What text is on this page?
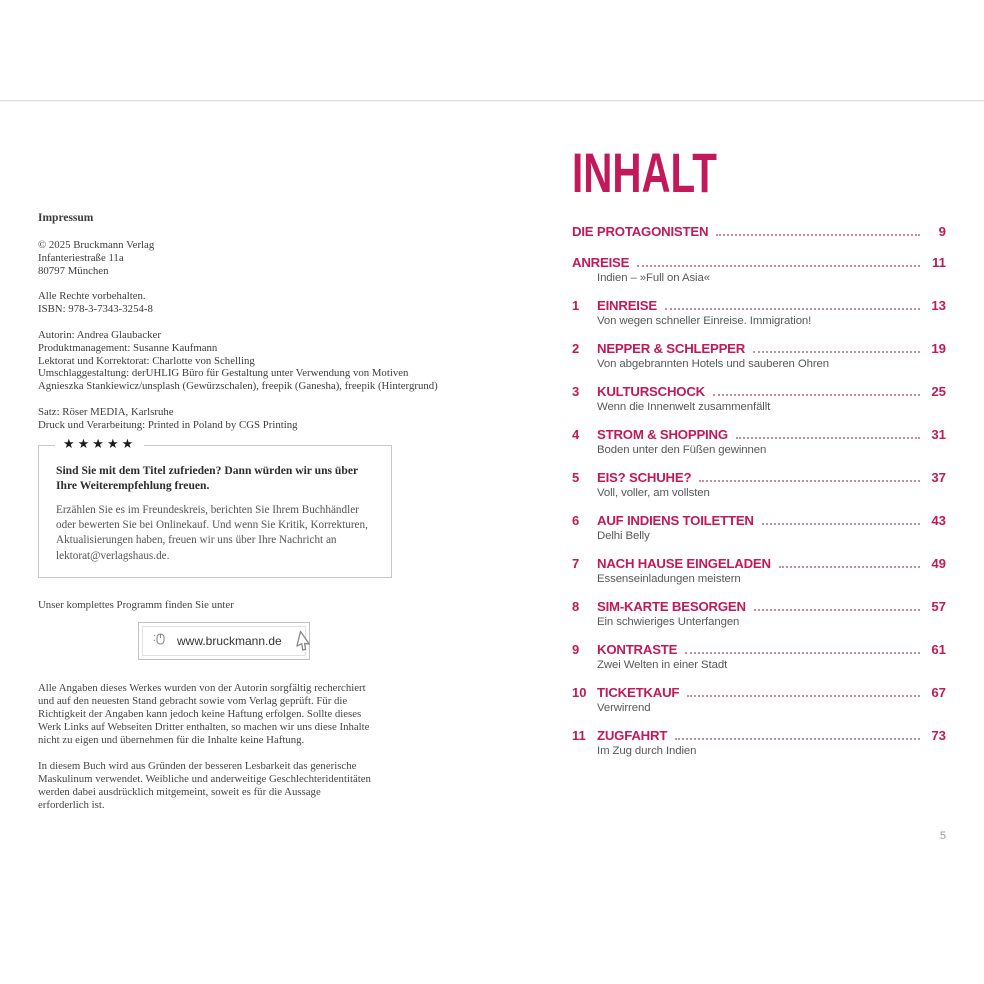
Impressum
© 2025 Bruckmann Verlag
Infanteriestraße 11a
80797 München
Alle Rechte vorbehalten.
ISBN: 978-3-7343-3254-8
Autorin: Andrea Glaubacker
Produktmanagement: Susanne Kaufmann
Lektorat und Korrektorat: Charlotte von Schelling
Umschlaggestaltung: derUHLIG Büro für Gestaltung unter Verwendung von Motiven Agnieszka Stankiewicz/unsplash (Gewürzschalen), freepik (Ganesha), freepik (Hintergrund)
Satz: Röser MEDIA, Karlsruhe
Druck und Verarbeitung: Printed in Poland by CGS Printing
★★★★★
Sind Sie mit dem Titel zufrieden? Dann würden wir uns über Ihre Weiterempfehlung freuen.
Erzählen Sie es im Freundeskreis, berichten Sie Ihrem Buchhändler oder bewerten Sie bei Onlinekauf. Und wenn Sie Kritik, Korrekturen, Aktualisierungen haben, freuen wir uns über Ihre Nachricht an lektorat@verlagshaus.de.
Unser komplettes Programm finden Sie unter
www.bruckmann.de
Alle Angaben dieses Werkes wurden von der Autorin sorgfältig recherchiert und auf den neuesten Stand gebracht sowie vom Verlag geprüft. Für die Richtigkeit der Angaben kann jedoch keine Haftung erfolgen. Sollte dieses Werk Links auf Webseiten Dritter enthalten, so machen wir uns diese Inhalte nicht zu eigen und übernehmen für die Inhalte keine Haftung.
In diesem Buch wird aus Gründen der besseren Lesbarkeit das generische Maskulinum verwendet. Weibliche und anderweitige Geschlechteridentitäten werden dabei ausdrücklich mitgemeint, soweit es für die Aussage erforderlich ist.
INHALT
DIE PROTAGONISTEN	9
ANREISE	11
Indien – »Full on Asia«
1	EINREISE	13
Von wegen schneller Einreise. Immigration!
2	NEPPER & SCHLEPPER	19
Von abgebrannten Hotels und sauberen Ohren
3	KULTURSCHOCK	25
Wenn die Innenwelt zusammenfällt
4	STROM & SHOPPING	31
Boden unter den Füßen gewinnen
5	EIS? SCHUHE?	37
Voll, voller, am vollsten
6	AUF INDIENS TOILETTEN	43
Delhi Belly
7	NACH HAUSE EINGELADEN	49
Essenseinladungen meistern
8	SIM-KARTE BESORGEN	57
Ein schwieriges Unterfangen
9	KONTRASTE	61
Zwei Welten in einer Stadt
10 TICKETKAUF	67
Verwirrend
11 ZUGFAHRT	73
Im Zug durch Indien
5
